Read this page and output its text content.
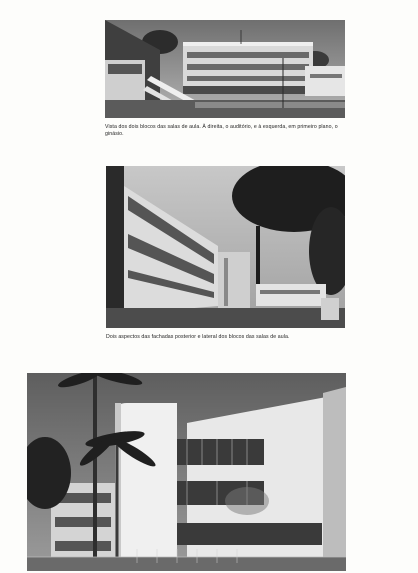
Vista dos dois blocos das salas de aula. À direita, o auditório, e à esquerda, em primeiro plano, o ginásio.
Dois aspectos das fachadas posterior e lateral dos blocos das salas de aula.
